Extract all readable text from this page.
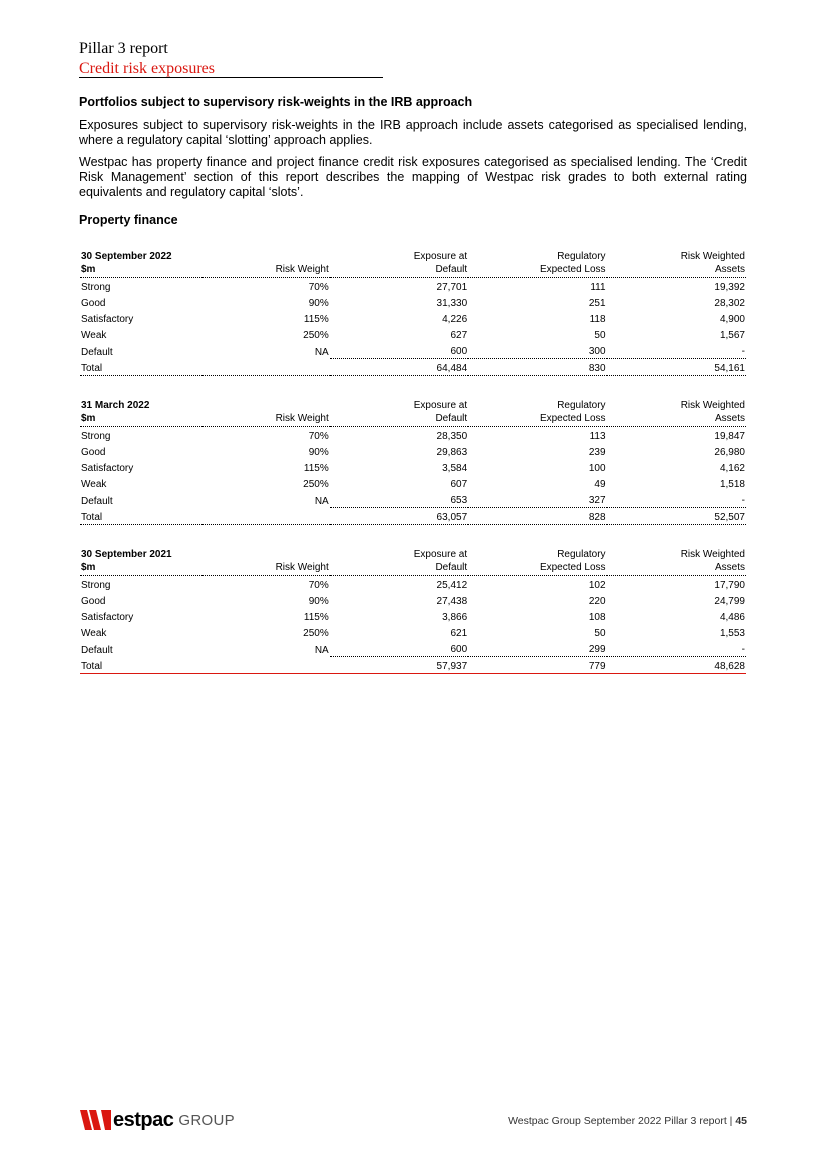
Pillar 3 report
Credit risk exposures
Portfolios subject to supervisory risk-weights in the IRB approach

Exposures subject to supervisory risk-weights in the IRB approach include assets categorised as specialised lending, where a regulatory capital ‘slotting’ approach applies.

Westpac has property finance and project finance credit risk exposures categorised as specialised lending. The ‘Credit Risk Management’ section of this report describes the mapping of Westpac risk grades to both external rating equivalents and regulatory capital ‘slots’.

Property finance
30 September 2022		Exposure at	Regulatory	Risk Weighted
$m	Risk Weight	Default	Expected Loss	Assets
Strong	70%	27,701	111	19,392
Good	90%	31,330	251	28,302
Satisfactory	115%	4,226	118	4,900
Weak	250%	627	50	1,567
Default	NA	600	300	-
Total		64,484	830	54,161
31 March 2022		Exposure at	Regulatory	Risk Weighted
$m	Risk Weight	Default	Expected Loss	Assets
Strong	70%	28,350	113	19,847
Good	90%	29,863	239	26,980
Satisfactory	115%	3,584	100	4,162
Weak	250%	607	49	1,518
Default	NA	653	327	-
Total		63,057	828	52,507
30 September 2021		Exposure at	Regulatory	Risk Weighted
$m	Risk Weight	Default	Expected Loss	Assets
Strong	70%	25,412	102	17,790
Good	90%	27,438	220	24,799
Satisfactory	115%	3,866	108	4,486
Weak	250%	621	50	1,553
Default	NA	600	299	-
Total		57,937	779	48,628
estpac GROUP	Westpac Group September 2022 Pillar 3 report | 45
